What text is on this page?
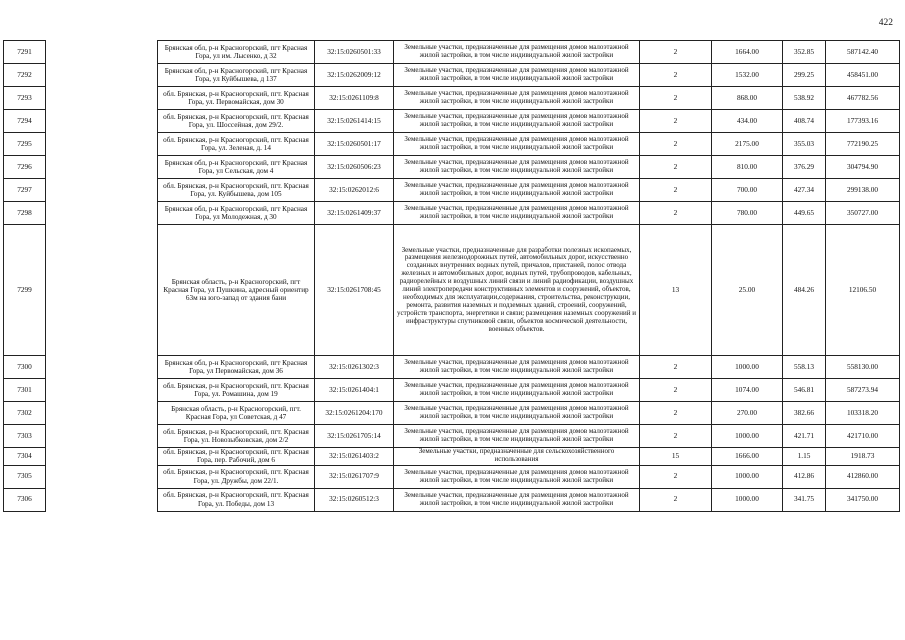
422
7291		Брянская обл, р-н Красногорский, пгт Красная Гора, ул им. Лысенко, д 32	32:15:0260501:33	Земельные участки, предназначенные для размещения домов малоэтажной жилой застройки, в том числе индивидуальной жилой застройки	2	1664.00	352.85	587142.40
7292		Брянская обл, р-н Красногорский, пгт Красная Гора, ул Куйбышева, д 137	32:15:0262009:12	Земельные участки, предназначенные для размещения домов малоэтажной жилой застройки, в том числе индивидуальной жилой застройки	2	1532.00	299.25	458451.00
7293		обл. Брянская, р-н Красногорский, пгт. Красная Гора, ул. Первомайская, дом 30	32:15:0261109:8	Земельные участки, предназначенные для размещения домов малоэтажной жилой застройки, в том числе индивидуальной жилой застройки	2	868.00	538.92	467782.56
7294		обл. Брянская, р-н Красногорский, пгт. Красная Гора, ул. Шоссейная, дом 29/2.	32:15:0261414:15	Земельные участки, предназначенные для размещения домов малоэтажной жилой застройки, в том числе индивидуальной жилой застройки	2	434.00	408.74	177393.16
7295		обл. Брянская, р-н Красногорский, пгт. Красная Гора, ул. Зеленая, д. 14	32:15:0260501:17	Земельные участки, предназначенные для размещения домов малоэтажной жилой застройки, в том числе индивидуальной жилой застройки	2	2175.00	355.03	772190.25
7296		Брянская обл, р-н Красногорский, пгт Красная Гора, ул Сельская, дом 4	32:15:0260506:23	Земельные участки, предназначенные для размещения домов малоэтажной жилой застройки, в том числе индивидуальной жилой застройки	2	810.00	376.29	304794.90
7297		обл. Брянская, р-н Красногорский, пгт. Красная Гора, ул. Куйбышева, дом 105	32:15:0262012:6	Земельные участки, предназначенные для размещения домов малоэтажной жилой застройки, в том числе индивидуальной жилой застройки	2	700.00	427.34	299138.00
7298		Брянская обл, р-н Красногорский, пгт Красная Гора, ул Молодежная, д 30	32:15:0261409:37	Земельные участки, предназначенные для размещения домов малоэтажной жилой застройки, в том числе индивидуальной жилой застройки	2	780.00	449.65	350727.00
7299		Брянская область, р-н Красногорский, пгт Красная Гора, ул Пушкина, адресный ориентир 63м на юго-запад от здания бани	32:15:0261708:45	Земельные участки, предназначенные для разработки полезных ископаемых, размещения железнодорожных путей, автомобильных дорог, искусственно созданных внутренних водных путей, причалов, пристаней, полос отвода железных и автомобильных дорог, водных путей, трубопроводов, кабельных, радиорелейных и воздушных линий связи и линий радиофикации, воздушных линий электропередачи конструктивных элементов и сооружений, объектов, необходимых для эксплуатации,содержания, строительства, реконструкции, ремонта, развития наземных и подземных зданий, строений, сооружений, устройств транспорта, энергетики и связи; размещения наземных сооружений и инфраструктуры спутниковой связи, объектов космической деятельности, военных объектов.	13	25.00	484.26	12106.50
7300		Брянская обл, р-н Красногорский, пгт Красная Гора, ул Первомайская, дом 36	32:15:0261302:3	Земельные участки, предназначенные для размещения домов малоэтажной жилой застройки, в том числе индивидуальной жилой застройки	2	1000.00	558.13	558130.00
7301		обл. Брянская, р-н Красногорский, пгт. Красная Гора, ул. Ромашина, дом 19	32:15:0261404:1	Земельные участки, предназначенные для размещения домов малоэтажной жилой застройки, в том числе индивидуальной жилой застройки	2	1074.00	546.81	587273.94
7302		Брянская область, р-н Красногорский, пгт. Красная Гора, ул Советская, д 47	32:15:0261204:170	Земельные участки, предназначенные для размещения домов малоэтажной жилой застройки, в том числе индивидуальной жилой застройки	2	270.00	382.66	103318.20
7303		обл. Брянская, р-н Красногорский, пгт. Красная Гора, ул. Новозыбковская, дом 2/2	32:15:0261705:14	Земельные участки, предназначенные для размещения домов малоэтажной жилой застройки, в том числе индивидуальной жилой застройки	2	1000.00	421.71	421710.00
7304		обл. Брянская, р-н Красногорский, пгт. Красная Гора, пер. Рабочий, дом 6	32:15:0261403:2	Земельные участки, предназначенные для сельскохозяйственного использования	15	1666.00	1.15	1918.73
7305		обл. Брянская, р-н Красногорский, пгт. Красная Гора, ул. Дружбы, дом 22/1.	32:15:0261707:9	Земельные участки, предназначенные для размещения домов малоэтажной жилой застройки, в том числе индивидуальной жилой застройки	2	1000.00	412.86	412860.00
7306		обл. Брянская, р-н Красногорский, пгт. Красная Гора, ул. Победы, дом 13	32:15:0260512:3	Земельные участки, предназначенные для размещения домов малоэтажной жилой застройки, в том числе индивидуальной жилой застройки	2	1000.00	341.75	341750.00
